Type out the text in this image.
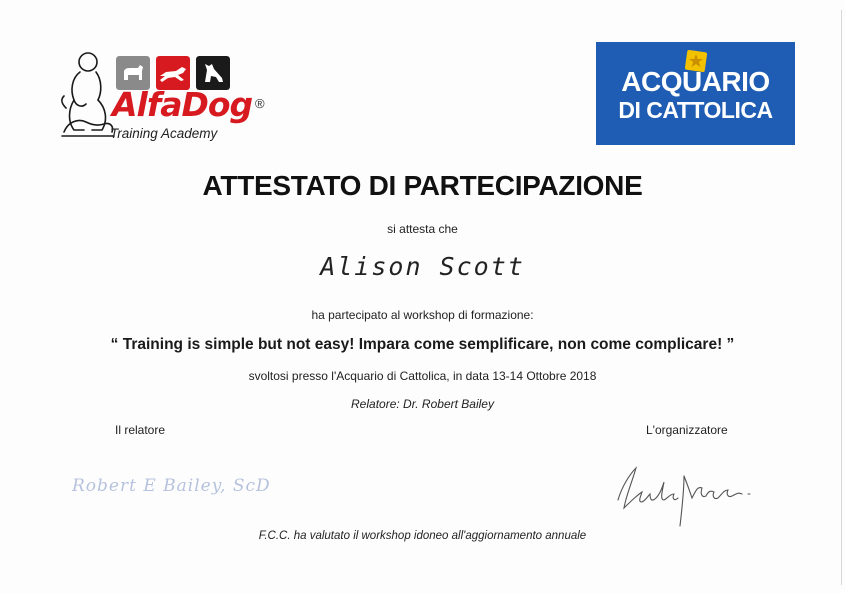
AlfaDog ®
Training Academy
ACQUARIO
DI CATTOLICA
ATTESTATO DI PARTECIPAZIONE
si attesta che
Alison Scott
ha partecipato al workshop di formazione:
“ Training is simple but not easy! Impara come semplificare, non come complicare! ”
svoltosi presso l'Acquario di Cattolica, in data 13-14 Ottobre 2018
Relatore: Dr. Robert Bailey
Il relatore	L'organizzatore
Robert E Bailey, ScD
F.C.C. ha valutato il workshop idoneo all'aggiornamento annuale
